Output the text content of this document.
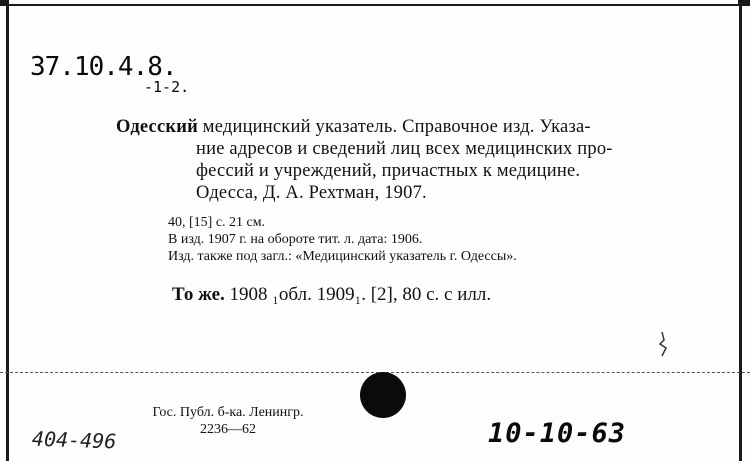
37.10.4.8.
-1-2.
Одесский медицинский указатель. Справочное изд. Указа-
ние адресов и сведений лиц всех медицинских про-
фессий и учреждений, причастных к медицине.
Одесса, Д. А. Рехтман, 1907.
40, [15] с. 21 см.
В изд. 1907 г. на обороте тит. л. дата: 1906.
Изд. также под загл.: «Медицинский указатель г. Одессы».
То же. 1908 ₁обл. 1909₁. [2], 80 с. с илл.
Гос. Публ. б-ка. Ленингр.
2236—62
404-496	10-10-63
